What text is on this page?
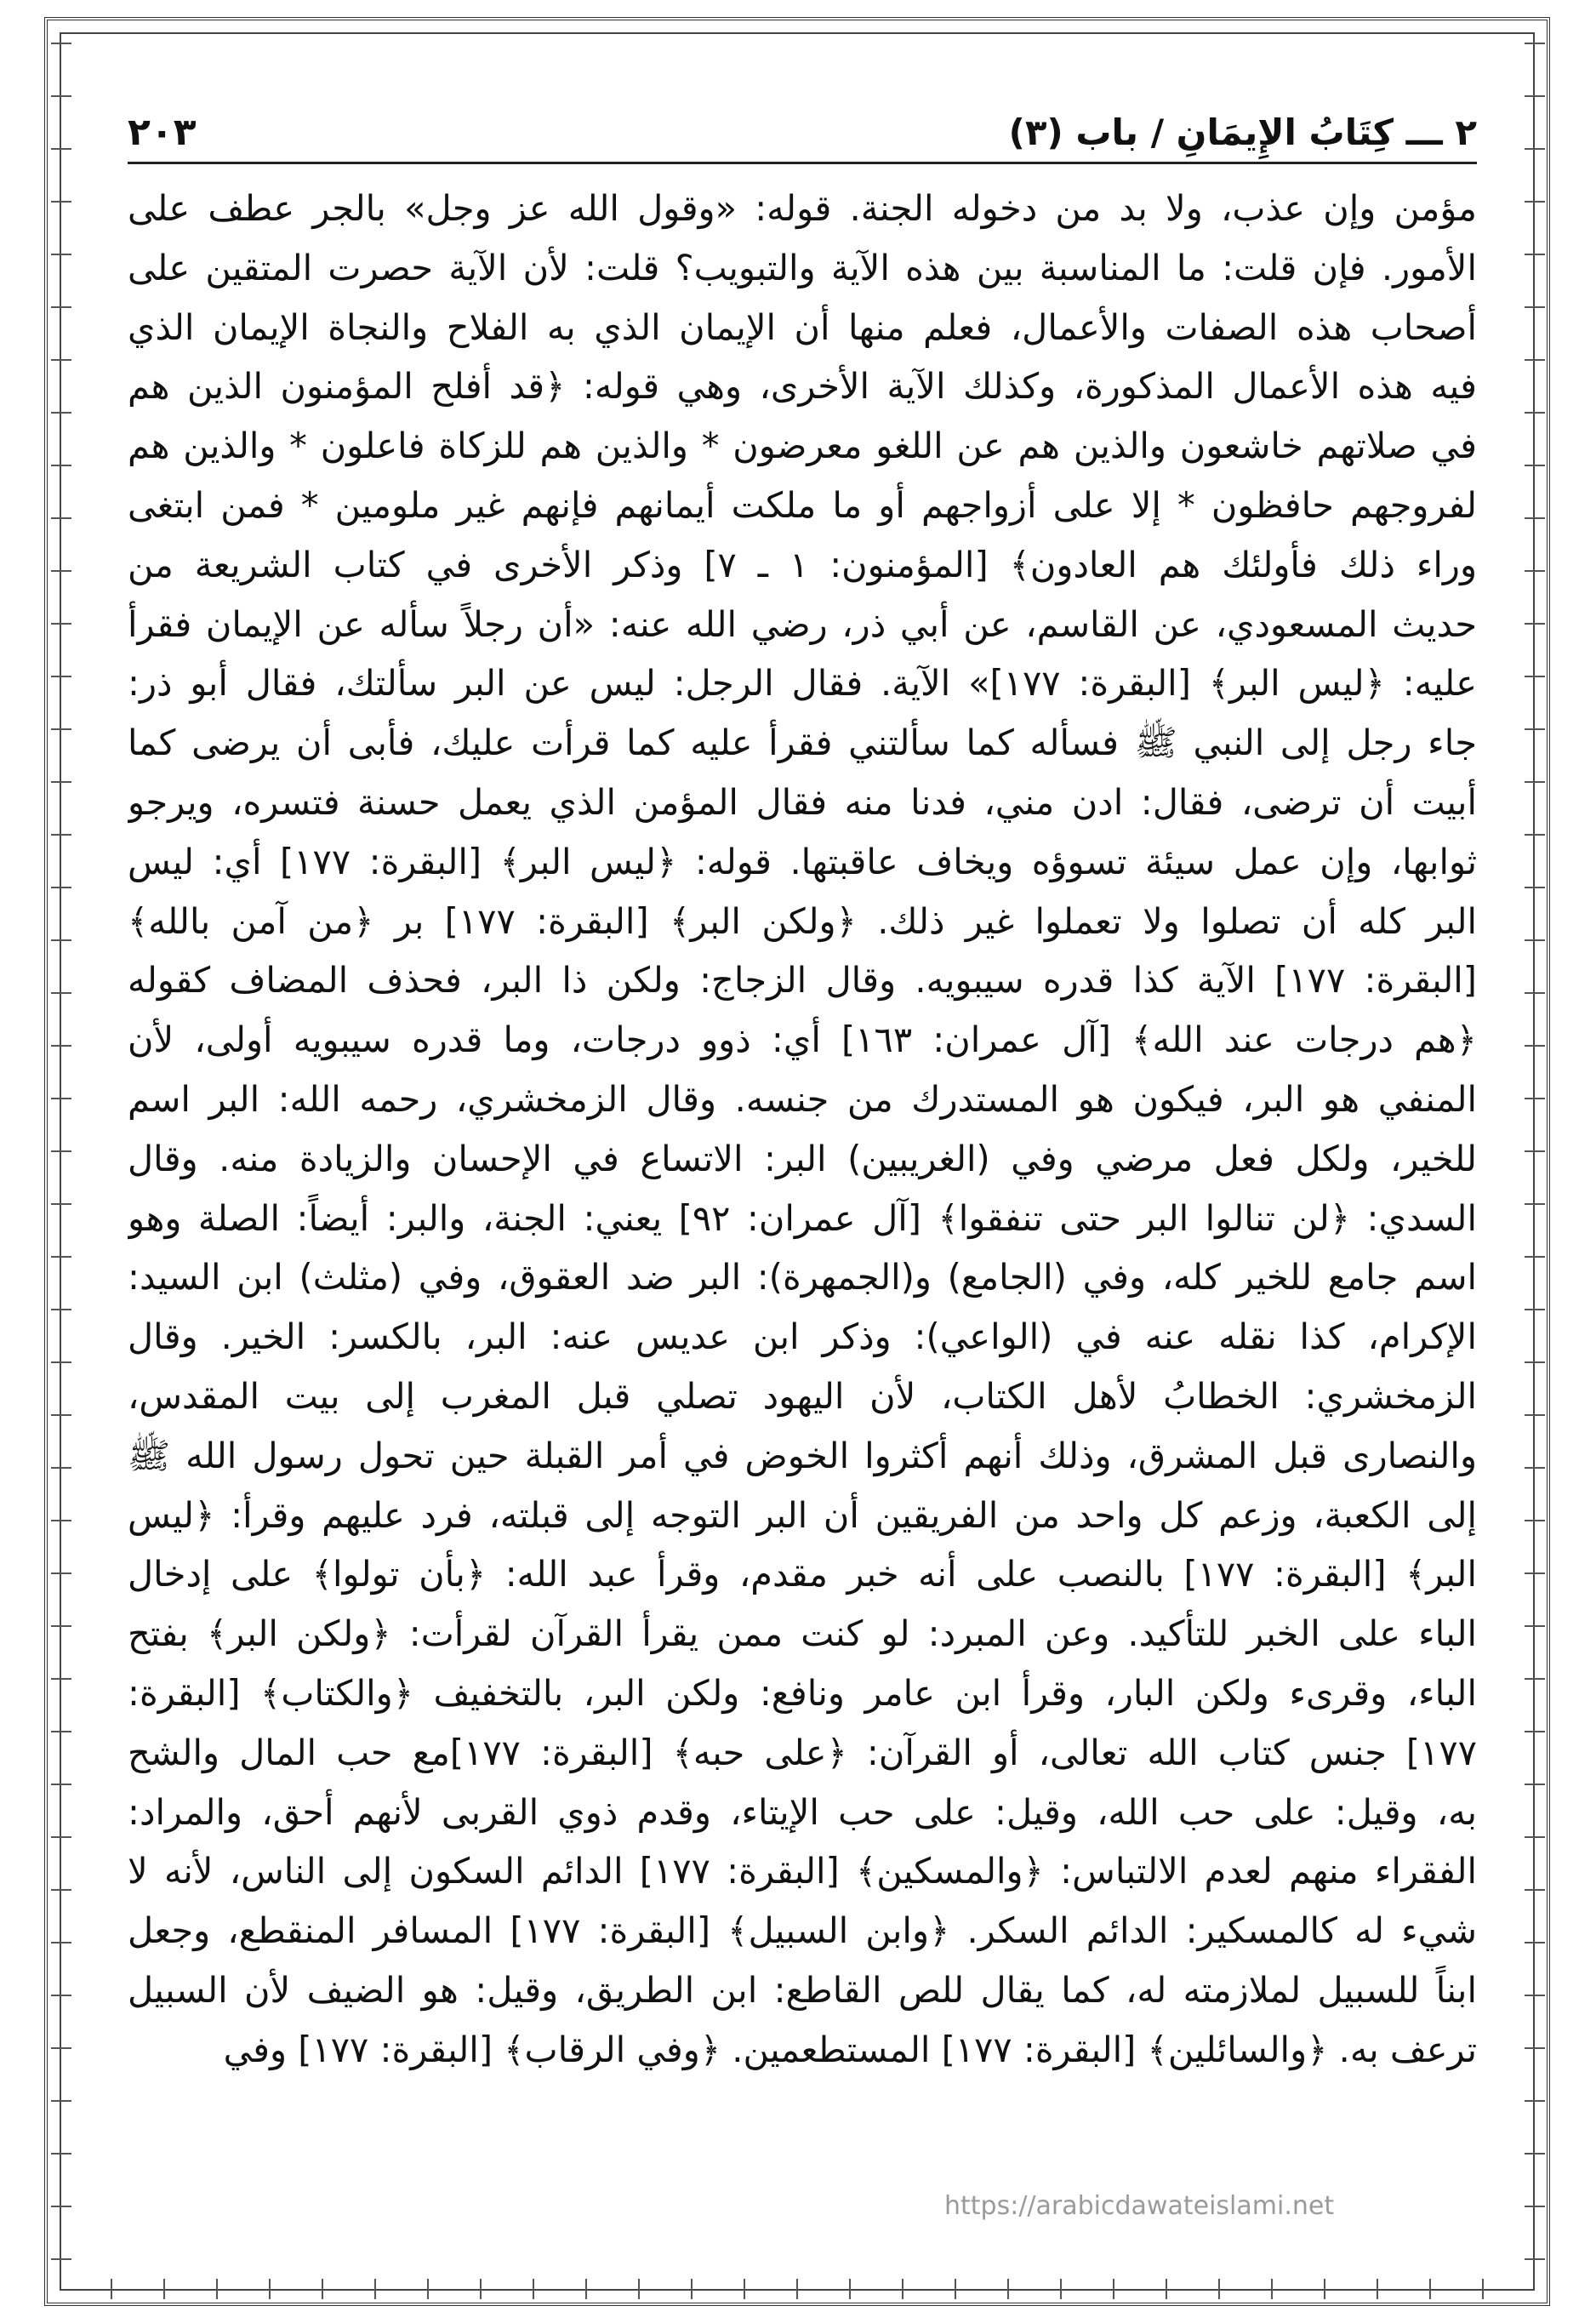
٢ ـــ كِتَابُ الإِيمَانِ / باب (٣)
٢٠٣
مؤمن وإن عذب، ولا بد من دخوله الجنة. قوله: «وقول الله عز وجل» بالجر عطف على
الأمور. فإن قلت: ما المناسبة بين هذه الآية والتبويب؟ قلت: لأن الآية حصرت المتقين على
أصحاب هذه الصفات والأعمال، فعلم منها أن الإيمان الذي به الفلاح والنجاة الإيمان الذي
فيه هذه الأعمال المذكورة، وكذلك الآية الأخرى، وهي قوله: ﴿قد أفلح المؤمنون الذين هم
في صلاتهم خاشعون والذين هم عن اللغو معرضون * والذين هم للزكاة فاعلون * والذين هم
لفروجهم حافظون * إلا على أزواجهم أو ما ملكت أيمانهم فإنهم غير ملومين * فمن ابتغى
وراء ذلك فأولئك هم العادون﴾ [المؤمنون: ١ ـ ٧] وذكر الأخرى في كتاب الشريعة من
حديث المسعودي، عن القاسم، عن أبي ذر، رضي الله عنه: «أن رجلاً سأله عن الإيمان فقرأ
عليه: ﴿ليس البر﴾ [البقرة: ١٧٧]» الآية. فقال الرجل: ليس عن البر سألتك، فقال أبو ذر:
جاء رجل إلى النبي ﷺ فسأله كما سألتني فقرأ عليه كما قرأت عليك، فأبى أن يرضى كما
أبيت أن ترضى، فقال: ادن مني، فدنا منه فقال المؤمن الذي يعمل حسنة فتسره، ويرجو
ثوابها، وإن عمل سيئة تسوؤه ويخاف عاقبتها. قوله: ﴿ليس البر﴾ [البقرة: ١٧٧] أي: ليس
البر كله أن تصلوا ولا تعملوا غير ذلك. ﴿ولكن البر﴾ [البقرة: ١٧٧] بر ﴿من آمن بالله﴾
[البقرة: ١٧٧] الآية كذا قدره سيبويه. وقال الزجاج: ولكن ذا البر، فحذف المضاف كقوله
﴿هم درجات عند الله﴾ [آل عمران: ١٦٣] أي: ذوو درجات، وما قدره سيبويه أولى، لأن
المنفي هو البر، فيكون هو المستدرك من جنسه. وقال الزمخشري، رحمه الله: البر اسم
للخير، ولكل فعل مرضي وفي (الغريبين) البر: الاتساع في الإحسان والزيادة منه. وقال
السدي: ﴿لن تنالوا البر حتى تنفقوا﴾ [آل عمران: ٩٢] يعني: الجنة، والبر: أيضاً: الصلة وهو
اسم جامع للخير كله، وفي (الجامع) و(الجمهرة): البر ضد العقوق، وفي (مثلث) ابن السيد:
الإكرام، كذا نقله عنه في (الواعي): وذكر ابن عديس عنه: البر، بالكسر: الخير. وقال
الزمخشري: الخطابُ لأهل الكتاب، لأن اليهود تصلي قبل المغرب إلى بيت المقدس،
والنصارى قبل المشرق، وذلك أنهم أكثروا الخوض في أمر القبلة حين تحول رسول الله ﷺ
إلى الكعبة، وزعم كل واحد من الفريقين أن البر التوجه إلى قبلته، فرد عليهم وقرأ: ﴿ليس
البر﴾ [البقرة: ١٧٧] بالنصب على أنه خبر مقدم، وقرأ عبد الله: ﴿بأن تولوا﴾ على إدخال
الباء على الخبر للتأكيد. وعن المبرد: لو كنت ممن يقرأ القرآن لقرأت: ﴿ولكن البر﴾ بفتح
الباء، وقرىء ولكن البار، وقرأ ابن عامر ونافع: ولكن البر، بالتخفيف ﴿والكتاب﴾ [البقرة:
١٧٧] جنس كتاب الله تعالى، أو القرآن: ﴿على حبه﴾ [البقرة: ١٧٧]مع حب المال والشح
به، وقيل: على حب الله، وقيل: على حب الإيتاء، وقدم ذوي القربى لأنهم أحق، والمراد:
الفقراء منهم لعدم الالتباس: ﴿والمسكين﴾ [البقرة: ١٧٧] الدائم السكون إلى الناس، لأنه لا
شيء له كالمسكير: الدائم السكر. ﴿وابن السبيل﴾ [البقرة: ١٧٧] المسافر المنقطع، وجعل
ابناً للسبيل لملازمته له، كما يقال للص القاطع: ابن الطريق، وقيل: هو الضيف لأن السبيل
ترعف به. ﴿والسائلين﴾ [البقرة: ١٧٧] المستطعمين. ﴿وفي الرقاب﴾ [البقرة: ١٧٧] وفي
https://arabicdawateislami.net
